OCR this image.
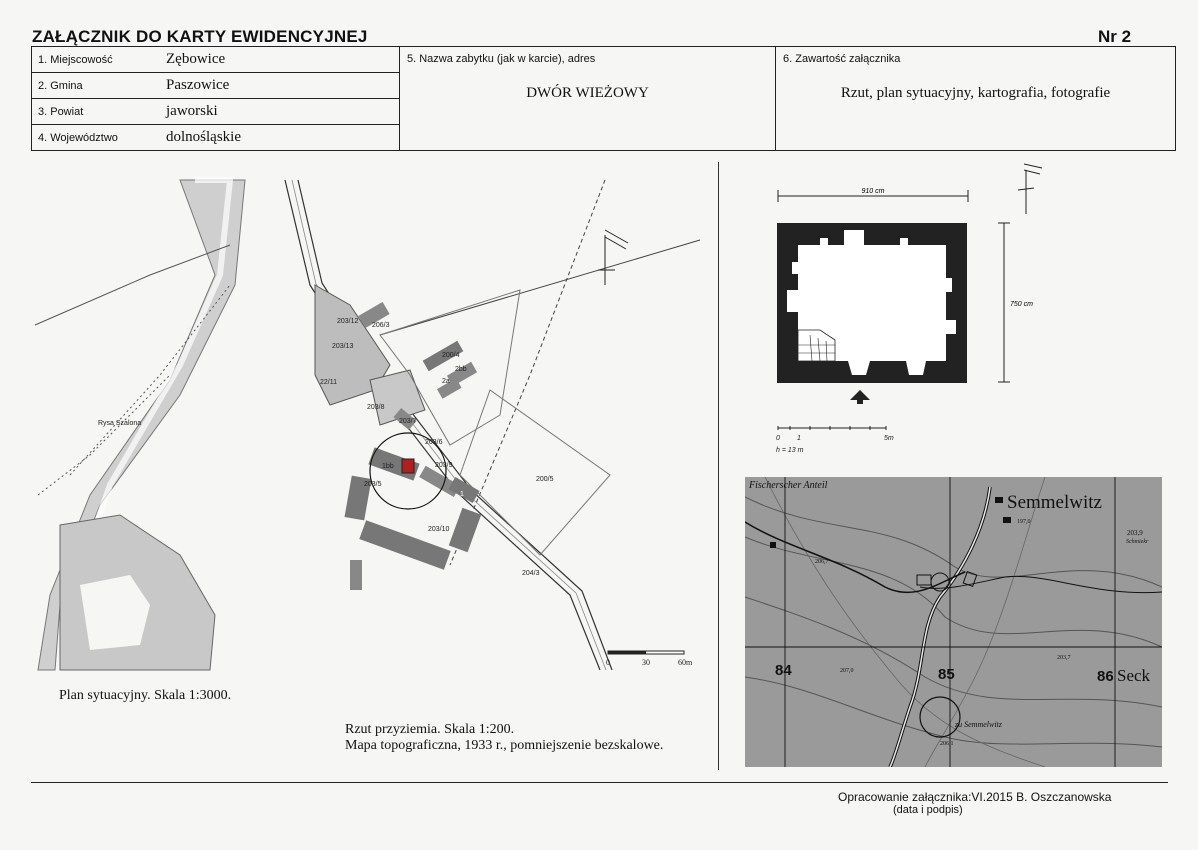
ZAŁĄCZNIK DO KARTY EWIDENCYJNEJ	Nr 2
1. Miejscowość	Zębowice	5. Nazwa zabytku (jak w karcie), adres
DWÓR WIEŻOWY

6. Zawartość załącznika
Rzut, plan sytuacyjny, kartografia, fotografie

2. Gmina	Paszowice
3. Powiat	jaworski
4. Województwo	dolnośląskie
203/12
206/3
203/13
22/11
200/4
2bb
2a
203/8
203/7
203/6
1bb	203/9
203/5
1
203/10
200/5
204/3
Rysa Szalona
0	30	60m
Plan sytuacyjny. Skala 1:3000.
Rzut przyziemia. Skala 1:200.
Mapa topograficzna, 1933 r., pomniejszenie bezskalowe.
910 cm
750 cm
0 1	5m
h = 13 m
Fischerscher Anteil
Semmelwitz
197,0
203,9
Schmiekr
206,7
84	207,0	85
203,7
86 Seck
zu Semmelwitz
206,1
Opracowanie załącznika:VI.2015 B. Oszczanowska
(data i podpis)
